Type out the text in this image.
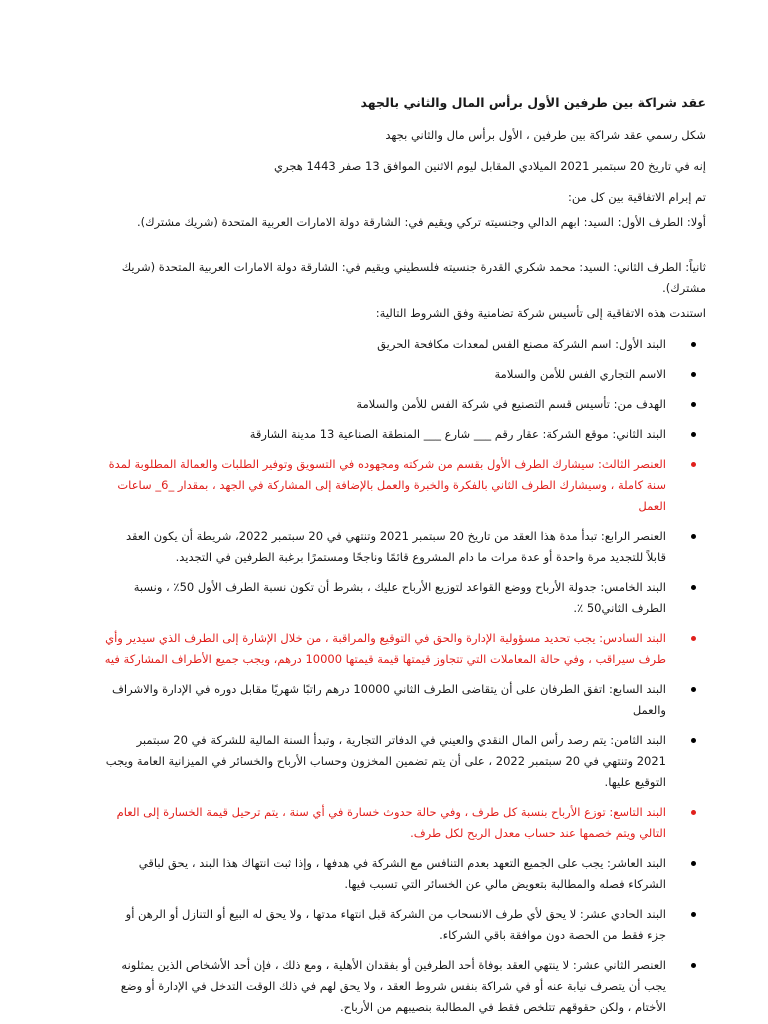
عقد شراكة بين طرفين الأول برأس المال والثاني بالجهد

شكل رسمي عقد شراكة بين طرفين ، الأول برأس مال والثاني بجهد

إنه في تاريخ 20 سبتمبر 2021 الميلادي المقابل ليوم الاثنين الموافق 13 صفر 1443 هجري

تم إبرام الاتفاقية بين كل من:

أولا: الطرف الأول: السيد: ابهم الدالي وجنسيته تركي ويقيم في: الشارقة دولة الامارات العربية المتحدة (شريك مشترك).

ثانياً: الطرف الثاني: السيد: محمد شكري القدرة جنسيته فلسطيني ويقيم في: الشارقة دولة الامارات العربية المتحدة (شريك مشترك).

استندت هذه الاتفاقية إلى تأسيس شركة تضامنية وفق الشروط التالية:

البند الأول: اسم الشركة مصنع الفس لمعدات مكافحة الحريق
الاسم التجاري الفس للأمن والسلامة
الهدف من: تأسيس قسم التصنيع في شركة الفس للأمن والسلامة
البند الثاني: موقع الشركة: عقار رقم ___ شارع ___ المنطقة الصناعية 13 مدينة الشارقة
العنصر الثالث: سيشارك الطرف الأول بقسم من شركته ومجهوده في التسويق وتوفير الطلبات والعمالة المطلوبة لمدة سنة كاملة ، وسيشارك الطرف الثاني بالفكرة والخبرة والعمل بالإضافة إلى المشاركة في الجهد ، بمقدار _6_ ساعات العمل
العنصر الرابع: تبدأ مدة هذا العقد من تاريخ 20 سبتمبر 2021 وتنتهي في 20 سبتمبر 2022، شريطة أن يكون العقد قابلاً للتجديد مرة واحدة أو عدة مرات ما دام المشروع قائمًا وناجحًا ومستمرًا برغبة الطرفين في التجديد.
البند الخامس: جدولة الأرباح ووضع القواعد لتوزيع الأرباح عليك ، بشرط أن تكون نسبة الطرف الأول 50٪ ، ونسبة الطرف الثاني50 ٪.
البند السادس: يجب تحديد مسؤولية الإدارة والحق في التوقيع والمراقبة ، من خلال الإشارة إلى الطرف الذي سيدير وأي طرف سيراقب ، وفي حالة المعاملات التي تتجاوز قيمتها قيمة قيمتها 10000 درهم، ويجب جميع الأطراف المشاركة فيه
البند السابع: اتفق الطرفان على أن يتقاضى الطرف الثاني 10000 درهم راتبًا شهريًا مقابل دوره في الإدارة والاشراف والعمل
البند الثامن: يتم رصد رأس المال النقدي والعيني في الدفاتر التجارية ، وتبدأ السنة المالية للشركة في 20 سبتمبر 2021 وتنتهي في 20 سبتمبر 2022 ، على أن يتم تضمين المخزون وحساب الأرباح والخسائر في الميزانية العامة ويجب التوقيع عليها.
البند التاسع: توزع الأرباح بنسبة كل طرف ، وفي حالة حدوث خسارة في أي سنة ، يتم ترحيل قيمة الخسارة إلى العام التالي ويتم خصمها عند حساب معدل الربح لكل طرف.
البند العاشر: يجب على الجميع التعهد بعدم التنافس مع الشركة في هدفها ، وإذا ثبت انتهاك هذا البند ، يحق لباقي الشركاء فصله والمطالبة بتعويض مالي عن الخسائر التي تسبب فيها.
البند الحادي عشر: لا يحق لأي طرف الانسحاب من الشركة قبل انتهاء مدتها ، ولا يحق له البيع أو التنازل أو الرهن أو جزء فقط من الحصة دون موافقة باقي الشركاء.
العنصر الثاني عشر: لا ينتهي العقد بوفاة أحد الطرفين أو بفقدان الأهلية ، ومع ذلك ، فإن أحد الأشخاص الذين يمثلونه يجب أن يتصرف نيابة عنه أو في شراكة بنفس شروط العقد ، ولا يحق لهم في ذلك الوقت التدخل في الإدارة أو وضع الأختام ، ولكن حقوقهم تتلخص فقط في المطالبة بنصيبهم من الأرباح.
